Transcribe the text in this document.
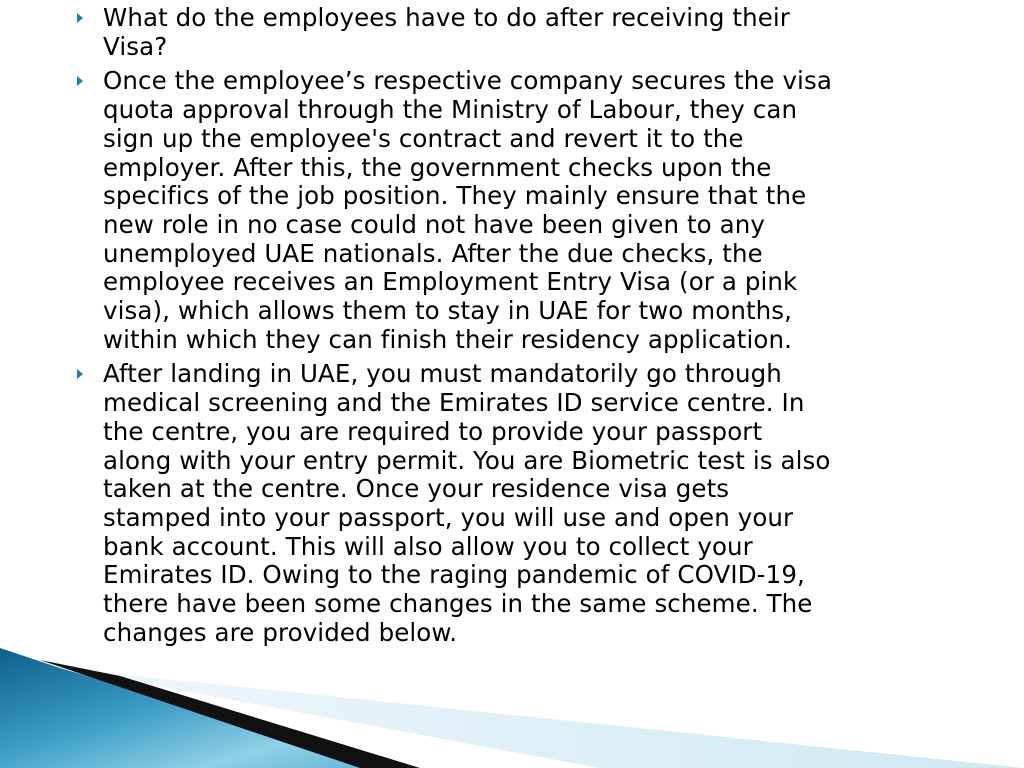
What do the employees have to do after receiving their
Visa?
Once the employee’s respective company secures the visa
quota approval through the Ministry of Labour, they can
sign up the employee's contract and revert it to the
employer. After this, the government checks upon the
specifics of the job position. They mainly ensure that the
new role in no case could not have been given to any
unemployed UAE nationals. After the due checks, the
employee receives an Employment Entry Visa (or a pink
visa), which allows them to stay in UAE for two months,
within which they can finish their residency application.
After landing in UAE, you must mandatorily go through
medical screening and the Emirates ID service centre. In
the centre, you are required to provide your passport
along with your entry permit. You are Biometric test is also
taken at the centre. Once your residence visa gets
stamped into your passport, you will use and open your
bank account. This will also allow you to collect your
Emirates ID. Owing to the raging pandemic of COVID-19,
there have been some changes in the same scheme. The
changes are provided below.
